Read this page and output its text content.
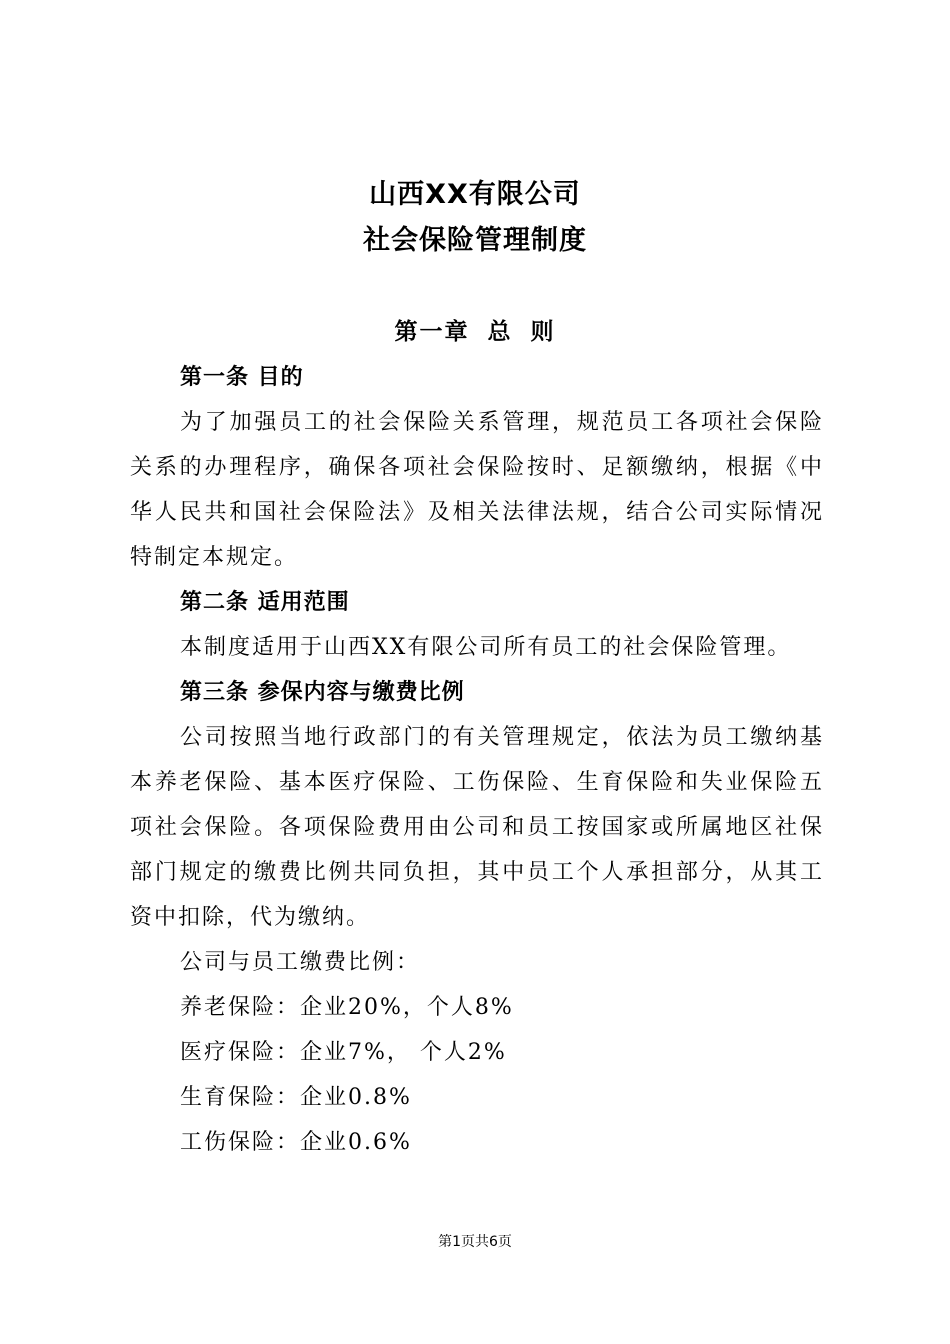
山西XX有限公司
社会保险管理制度
第一章 总 则

第一条 目的

为了加强员工的社会保险关系管理，规范员工各项社会保险关系的办理程序，确保各项社会保险按时、足额缴纳，根据《中华人民共和国社会保险法》及相关法律法规，结合公司实际情况特制定本规定。

第二条 适用范围

本制度适用于山西XX有限公司所有员工的社会保险管理。

第三条 参保内容与缴费比例

公司按照当地行政部门的有关管理规定，依法为员工缴纳基本养老保险、基本医疗保险、工伤保险、生育保险和失业保险五项社会保险。各项保险费用由公司和员工按国家或所属地区社保部门规定的缴费比例共同负担，其中员工个人承担部分，从其工资中扣除，代为缴纳。

公司与员工缴费比例：

养老保险：企业20%，个人8%

医疗保险：企业7%， 个人2%

生育保险：企业0.8%

工伤保险：企业0.6%

第1页共6页
